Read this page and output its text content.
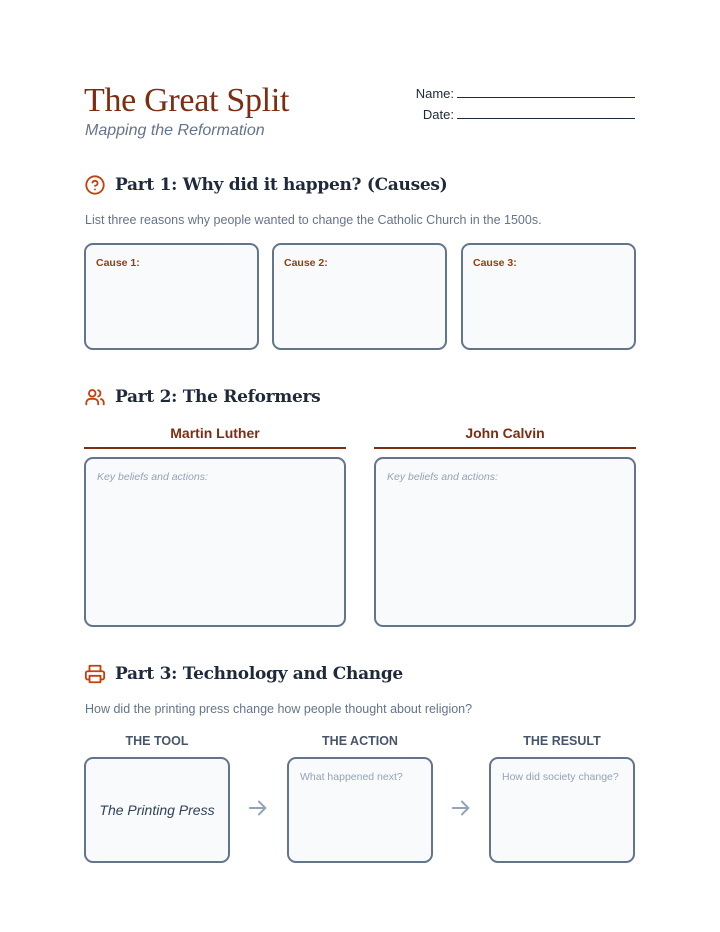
The Great Split
Mapping the Reformation
Name:
Date:
Part 1: Why did it happen? (Causes)
List three reasons why people wanted to change the Catholic Church in the 1500s.
Cause 1:	Cause 2:	Cause 3:
Part 2: The Reformers
Martin Luther
Key beliefs and actions:
John Calvin
Key beliefs and actions:
Part 3: Technology and Change
How did the printing press change how people thought about religion?
THE TOOL	THE ACTION	THE RESULT
The Printing Press
What happened next?	How did society change?
